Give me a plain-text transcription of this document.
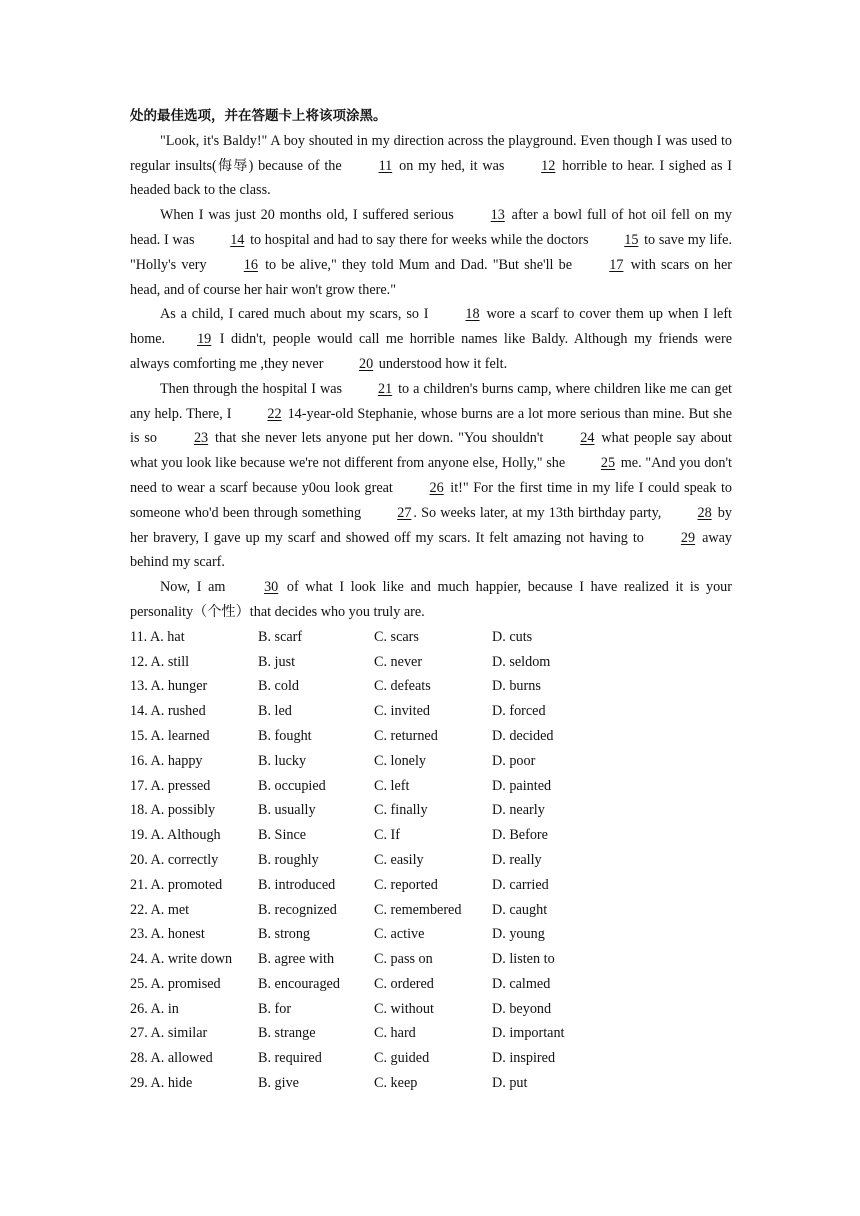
处的最佳选项，并在答题卡上将该项涂黑。

"Look, it's Baldy!" A boy shouted in my direction across the playground. Even though I was used to regular insults(侮辱) because of the 11 on my hed, it was 12 horrible to hear. I sighed as I headed back to the class.

When I was just 20 months old, I suffered serious 13 after a bowl full of hot oil fell on my head. I was 14 to hospital and had to say there for weeks while the doctors 15 to save my life. "Holly's very 16 to be alive," they told Mum and Dad. "But she'll be 17 with scars on her head, and of course her hair won't grow there."

As a child, I cared much about my scars, so I 18 wore a scarf to cover them up when I left home. 19 I didn't, people would call me horrible names like Baldy. Although my friends were always comforting me ,they never 20 understood how it felt.

Then through the hospital I was 21 to a children's burns camp, where children like me can get any help. There, I 22 14-year-old Stephanie, whose burns are a lot more serious than mine. But she is so 23 that she never lets anyone put her down. "You shouldn't 24 what people say about what you look like because we're not different from anyone else, Holly," she 25 me. "And you don't need to wear a scarf because y0ou look great 26 it!" For the first time in my life I could speak to someone who'd been through something 27 . So weeks later, at my 13th birthday party, 28 by her bravery, I gave up my scarf and showed off my scars. It felt amazing not having to 29 away behind my scarf.

Now, I am 30 of what I look like and much happier, because I have realized it is your personality（个性）that decides who you truly are.

11. A. hat	B. scarf	C. scars	D. cuts
12. A. still	B. just	C. never	D. seldom
13. A. hunger	B. cold	C. defeats	D. burns
14. A. rushed	B. led	C. invited	D. forced
15. A. learned	B. fought	C. returned	D. decided
16. A. happy	B. lucky	C. lonely	D. poor
17. A. pressed	B. occupied	C. left	D. painted
18. A. possibly	B. usually	C. finally	D. nearly
19. A. Although	B. Since	C. If	D. Before
20. A. correctly	B. roughly	C. easily	D. really
21. A. promoted	B. introduced	C. reported	D. carried
22. A. met	B. recognized	C. remembered	D. caught
23. A. honest	B. strong	C. active	D. young
24. A. write down	B. agree with	C. pass on	D. listen to
25. A. promised	B. encouraged	C. ordered	D. calmed
26. A. in	B. for	C. without	D. beyond
27. A. similar	B. strange	C. hard	D. important
28. A. allowed	B. required	C. guided	D. inspired
29. A. hide	B. give	C. keep	D. put
